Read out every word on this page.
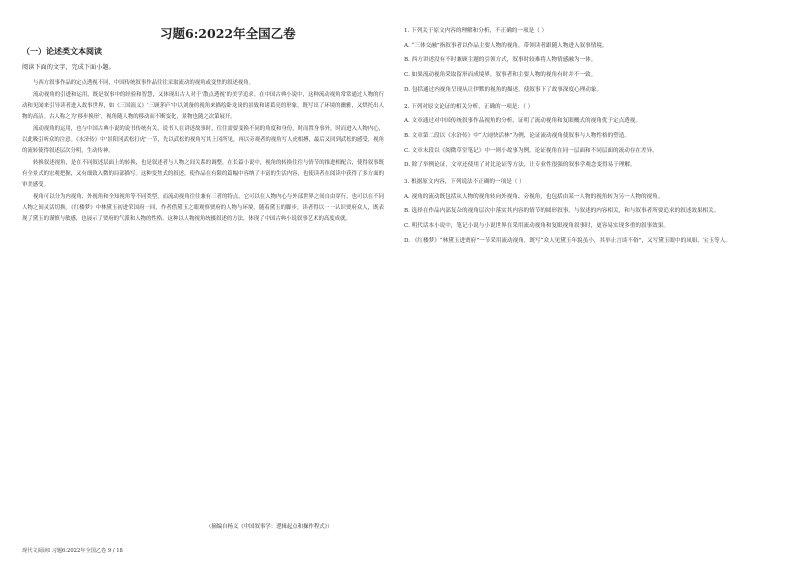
习题6:2022年全国乙卷
（一）论述类文本阅读
阅读下面的文字，完成下面小题。

与西方叙事作品的定点透视不同，中国传统叙事作品往往采取流动的视角或变焦的叙述视角。

流动视角的引进和运用，既是叙事中的经验和智慧，又体现出古人对于‘散点透视’的美学追求。在中国古典小说中，这种流动视角常常通过人物的行动和见闻来引导读者进入故事世界，如《三国演义》‘三顾茅庐’中以刘备的视角来描绘卧龙岗的景致和诸葛亮的形象，既写出了环境的幽雅，又烘托出人物的高洁。古人称之为‘移步换形’，视角随人物的移动而不断变化，景物也随之次第展开。

流动视角的运用，也与中国古典小说的说书传统有关。说书人在讲述故事时，往往需要变换不同的角度和身份，时而置身事外，时而进入人物内心，以此吸引听众的注意。《水浒传》中‘景阳冈武松打虎’一节，先以武松的视角写其上冈所见，再以旁观者的视角写人虎相搏，最后又回到武松的感受，视角的流转使得叙述层次分明，生动传神。

转换叙述视角，是在不同叙述层面上的转换，也是叙述者与人物之间关系的调整。在长篇小说中，视角的转换往往与情节的推进相配合，使得叙事既有全景式的宏观把握，又有细致入微的局部描写。这种变焦式的叙述，使作品在有限的篇幅中容纳了丰富的生活内容，也使读者在阅读中获得了多方面的审美感受。

视角可以分为内视角、外视角和全知视角等不同类型，而流动视角往往兼有三者的特点。它可以在人物内心与外部世界之间自由穿行，也可以在不同人物之间灵活切换。《红楼梦》中林黛玉初进荣国府一回，作者借黛玉之眼观察贾府的人物与环境，随着黛玉的脚步，读者得以一一认识贾府众人，既表现了黛玉的谨慎与敏感，也展示了贾府的气派和人物的性格。这种以人物视角统摄叙述的方法，体现了中国古典小说叙事艺术的高度成就。

（摘编自杨义《中国叙事学：逻辑起点和操作程式》）
1. 下列关于原文内容的理解和分析，不正确的一项是（ ）
A. “三体交融”指叙事者以作品主要人物的视角，带领读者跟随人物进入叙事情境。
B. 西方讲述没有不时兼顾主题的引领方式，叙事时较难将人物情感融为一体。
C. 如果流动视角采取留形而成境界，叙事者和主要人物的视角有时并不一致。
D. 包括通过内视角呈现从让伊默的视角的描述，使叙事下了故事深度心理动象。
2. 下列对原文论证的相关分析，正确的一项是：（ ）
A. 文章通过对中国传统叙事作品视角的分析，证明了流动视角和复眼概式的视角优于定点透视。
B. 文章第二段以《水浒传》中“大闹快活林”为例，论证流动视角使叙事与人物性格的塑造。
C. 文章末段以《阅微草堂笔记》中一则小故事为例，论证视角在同一层面和不同层面的流动存在差异。
D. 除了举例论证，文章还使用了对比论证等方法，让专业性很强的叙事学观念变得易于理解。
3. 根据原文内容，下列说法不正确的一项是（ ）
A. 视角的流动既包括从人物的视角转向外视角、旁视角，也包括由某一人物的视角转为另一人物的视角。
B. 选择在作品内部复杂的视角层次中落实其内容的情节的圆形叙事，与叙述的内容相关，和与叙事者所要追求的叙述效果相关。
C. 明代话本小说中，笔记小说与小说世界在采用流动视角和复眼视角叙事时，更容易实现多重的叙事效果。
D. 《红楼梦》“林黛玉进贾府”一节采用流动视角，既写“众人见黛玉年貌虽小，其举止言谈不俗”，又写黛玉眼中的凤姐、宝玉等人。
现代文阅读Ⅰ 习题6:2022年全国乙卷 9 / 18
